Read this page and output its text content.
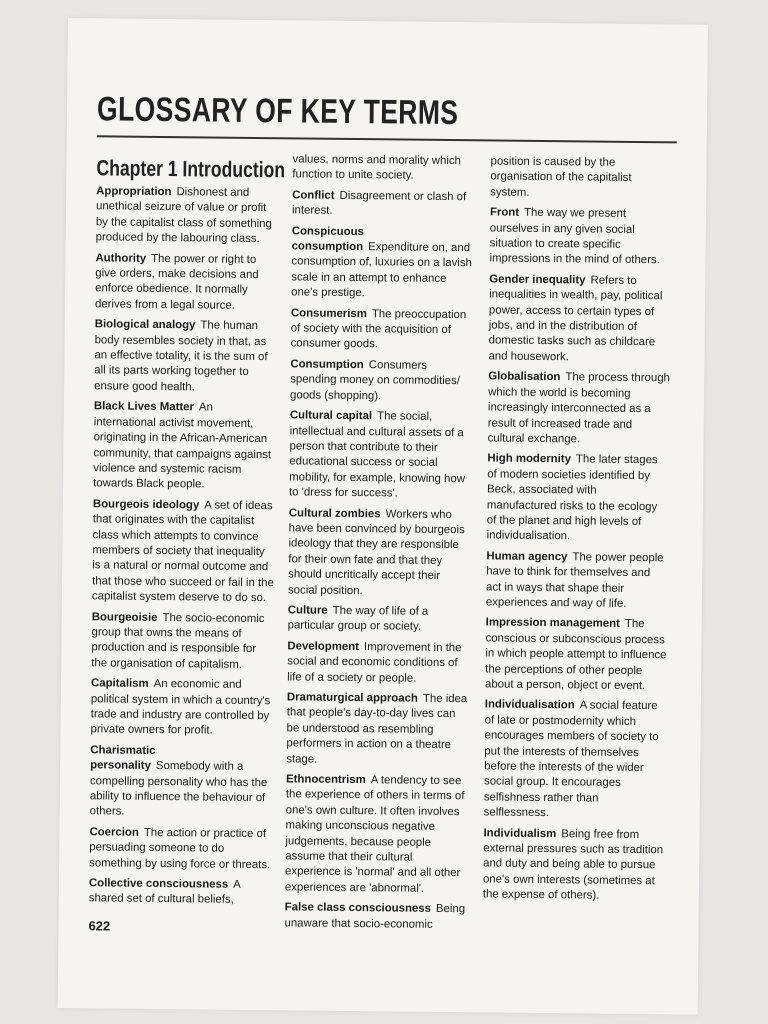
GLOSSARY OF KEY TERMS
Chapter 1 Introduction
Appropriation Dishonest and unethical seizure of value or profit by the capitalist class of something produced by the labouring class.
Authority The power or right to give orders, make decisions and enforce obedience. It normally derives from a legal source.
Biological analogy The human body resembles society in that, as an effective totality, it is the sum of all its parts working together to ensure good health.
Black Lives Matter An international activist movement, originating in the African-American community, that campaigns against violence and systemic racism towards Black people.
Bourgeois ideology A set of ideas that originates with the capitalist class which attempts to convince members of society that inequality is a natural or normal outcome and that those who succeed or fail in the capitalist system deserve to do so.
Bourgeoisie The socio-economic group that owns the means of production and is responsible for the organisation of capitalism.
Capitalism An economic and political system in which a country's trade and industry are controlled by private owners for profit.
Charismatic personality Somebody with a compelling personality who has the ability to influence the behaviour of others.
Coercion The action or practice of persuading someone to do something by using force or threats.
Collective consciousness A shared set of cultural beliefs,
values, norms and morality which function to unite society.
Conflict Disagreement or clash of interest.
Conspicuous consumption Expenditure on, and consumption of, luxuries on a lavish scale in an attempt to enhance one's prestige.
Consumerism The preoccupation of society with the acquisition of consumer goods.
Consumption Consumers spending money on commodities/ goods (shopping).
Cultural capital The social, intellectual and cultural assets of a person that contribute to their educational success or social mobility, for example, knowing how to 'dress for success'.
Cultural zombies Workers who have been convinced by bourgeois ideology that they are responsible for their own fate and that they should uncritically accept their social position.
Culture The way of life of a particular group or society.
Development Improvement in the social and economic conditions of life of a society or people.
Dramaturgical approach The idea that people's day-to-day lives can be understood as resembling performers in action on a theatre stage.
Ethnocentrism A tendency to see the experience of others in terms of one's own culture. It often involves making unconscious negative judgements, because people assume that their cultural experience is 'normal' and all other experiences are 'abnormal'.
False class consciousness Being unaware that socio-economic
position is caused by the organisation of the capitalist system.
Front The way we present ourselves in any given social situation to create specific impressions in the mind of others.
Gender inequality Refers to inequalities in wealth, pay, political power, access to certain types of jobs, and in the distribution of domestic tasks such as childcare and housework.
Globalisation The process through which the world is becoming increasingly interconnected as a result of increased trade and cultural exchange.
High modernity The later stages of modern societies identified by Beck, associated with manufactured risks to the ecology of the planet and high levels of individualisation.
Human agency The power people have to think for themselves and act in ways that shape their experiences and way of life.
Impression management The conscious or subconscious process in which people attempt to influence the perceptions of other people about a person, object or event.
Individualisation A social feature of late or postmodernity which encourages members of society to put the interests of themselves before the interests of the wider social group. It encourages selfishness rather than selflessness.
Individualism Being free from external pressures such as tradition and duty and being able to pursue one's own interests (sometimes at the expense of others).
622
